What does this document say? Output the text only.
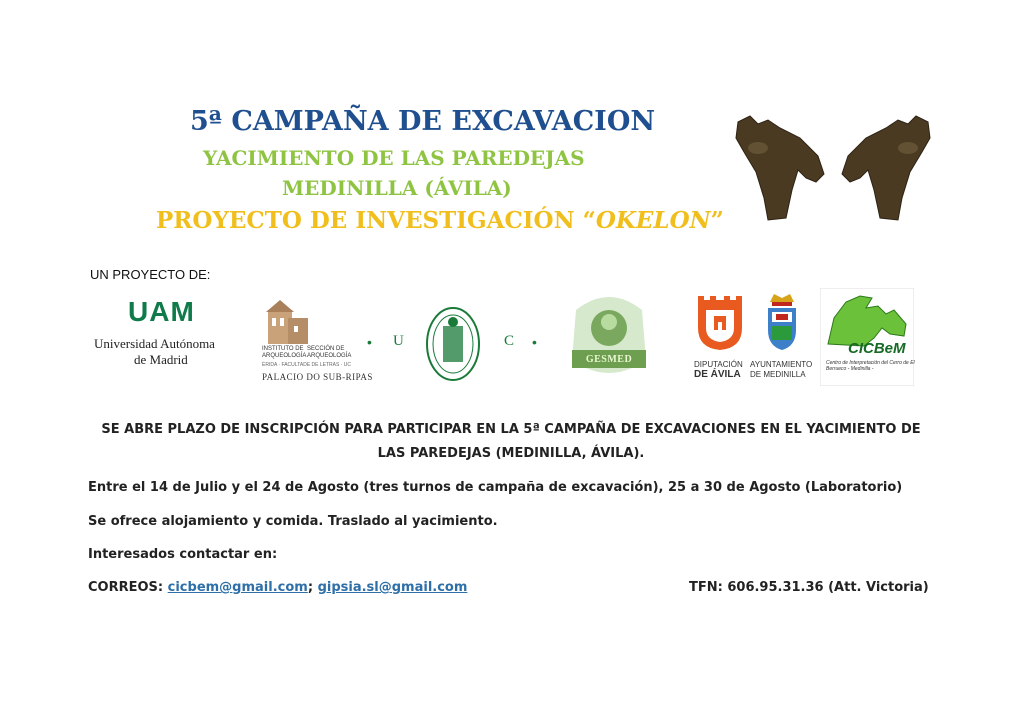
5ª CAMPAÑA DE EXCAVACION
YACIMIENTO DE LAS PAREDEJAS
MEDINILLA (ÁVILA)
PROYECTO DE INVESTIGACIÓN “OKELON”
UN PROYECTO DE:
UAM
Universidad Autónoma
de Madrid
INSTITUTO DE ARQUEOLOGÍA
SECCIÓN DE ARQUEOLOGÍA
ÉRIDA · FACULTADE DE LETRAS · UC
PALACIO DO SUB-RIPAS
• U	C •
GESMED	DIPUTACIÓN
DE ÁVILA
AYUNTAMIENTO
DE MEDINILLA
CICBeM
Centro de Interpretación del Cerro de El Berrueco - Medinilla -
SE ABRE PLAZO DE INSCRIPCIÓN PARA PARTICIPAR EN LA 5ª CAMPAÑA DE EXCAVACIONES EN EL YACIMIENTO DE LAS PAREDEJAS (MEDINILLA, ÁVILA).
Entre el 14 de Julio y el 24 de Agosto (tres turnos de campaña de excavación), 25 a 30 de Agosto (Laboratorio)
Se ofrece alojamiento y comida. Traslado al yacimiento.
Interesados contactar en:
CORREOS: cicbem@gmail.com; gipsia.sl@gmail.com	TFN: 606.95.31.36 (Att. Victoria)
